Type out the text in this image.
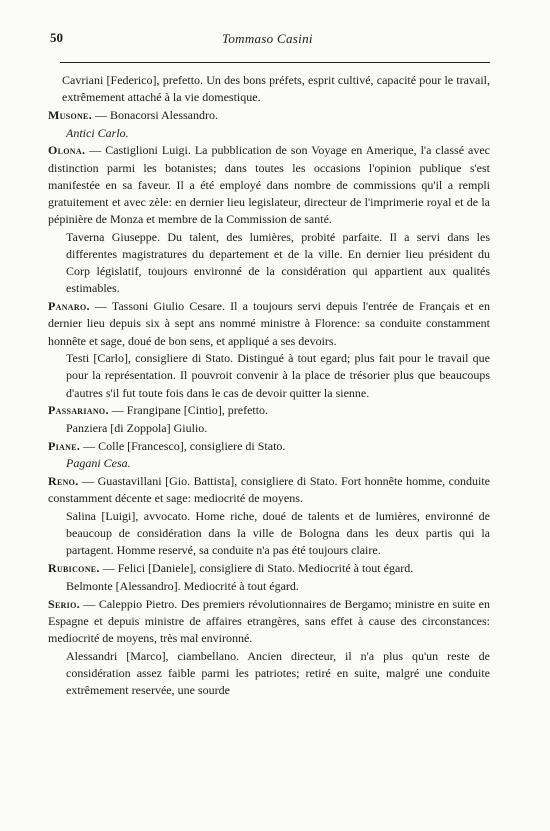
50	Tommaso Casini

Cavriani [Federico], prefetto. Un des bons préfets, esprit cultivé, capacité pour le travail, extrêmement attaché à la vie domestique.

Musone. — Bonacorsi Alessandro.

Antici Carlo.

Olona. — Castiglioni Luigi. La pubblication de son Voyage en Amerique, l'a classé avec distinction parmi les botanistes; dans toutes les occasions l'opinion publique s'est manifestée en sa faveur. Il a été employé dans nombre de commissions qu'il a rempli gratuitement et avec zèle: en dernier lieu legislateur, directeur de l'imprimerie royal et de la pépinière de Monza et membre de la Commission de santé.

Taverna Giuseppe. Du talent, des lumières, probité parfaite. Il a servi dans les differentes magistratures du departement et de la ville. En dernier lieu président du Corp législatif, toujours environné de la considération qui appartient aux qualités estimables.

Panaro. — Tassoni Giulio Cesare. Il a toujours servi depuis l'entrée de Français et en dernier lieu depuis six à sept ans nommé ministre à Florence: sa conduite constamment honnête et sage, doué de bon sens, et appliqué a ses devoirs.

Testi [Carlo], consigliere di Stato. Distingué à tout egard; plus fait pour le travail que pour la représentation. Il pouvroit convenir à la place de trésorier plus que beaucoups d'autres s'il fut toute fois dans le cas de devoir quitter la sienne.

Passariano. — Frangipane [Cintio], prefetto.

Panziera [di Zoppola] Giulio.

Piane. — Colle [Francesco], consigliere di Stato.

Pagani Cesa.

Reno. — Guastavillani [Gio. Battista], consigliere di Stato. Fort honnête homme, conduite constamment décente et sage: mediocrité de moyens.

Salina [Luigi], avvocato. Home riche, doué de talents et de lumières, environné de beaucoup de considération dans la ville de Bologna dans les deux partis qui la partagent. Homme reservé, sa conduite n'a pas été toujours claire.

Rubicone. — Felici [Daniele], consigliere di Stato. Mediocrité à tout égard.

Belmonte [Alessandro]. Mediocrité à tout égard.

Serio. — Caleppio Pietro. Des premiers révolutionnaires de Bergamo; ministre en suite en Espagne et depuis ministre de affaires etrangères, sans effet à cause des circonstances: mediocrité de moyens, très mal environné.

Alessandri [Marco], ciambellano. Ancien directeur, il n'a plus qu'un reste de considération assez faible parmi les patriotes; retiré en suite, malgré une conduite extrêmement reservée, une sourde
